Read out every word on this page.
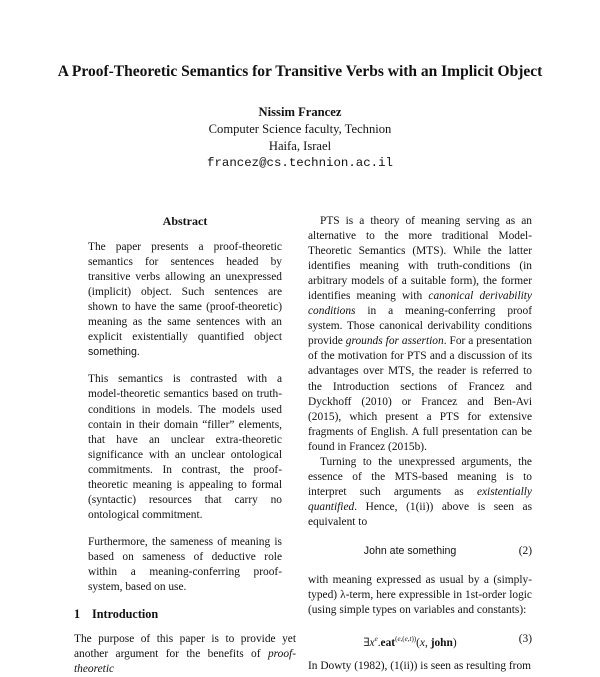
A Proof-Theoretic Semantics for Transitive Verbs with an Implicit Object
Nissim Francez
Computer Science faculty, Technion
Haifa, Israel
francez@cs.technion.ac.il
Abstract

The paper presents a proof-theoretic semantics for sentences headed by transitive verbs allowing an unexpressed (implicit) object. Such sentences are shown to have the same (proof-theoretic) meaning as the same sentences with an explicit existentially quantified object something.

This semantics is contrasted with a model-theoretic semantics based on truth-conditions in models. The models used contain in their domain “filler” elements, that have an unclear extra-theoretic significance with an unclear ontological commitments. In contrast, the proof-theoretic meaning is appealing to formal (syntactic) resources that carry no ontological commitment.

Furthermore, the sameness of meaning is based on sameness of deductive role within a meaning-conferring proof-system, based on use.

1 Introduction

The purpose of this paper is to provide yet another argument for the benefits of proof-theoretic

PTS is a theory of meaning serving as an alternative to the more traditional Model-Theoretic Semantics (MTS). While the latter identifies meaning with truth-conditions (in arbitrary models of a suitable form), the former identifies meaning with canonical derivability conditions in a meaning-conferring proof system. Those canonical derivability conditions provide grounds for assertion. For a presentation of the motivation for PTS and a discussion of its advantages over MTS, the reader is referred to the Introduction sections of Francez and Dyckhoff (2010) or Francez and Ben-Avi (2015), which present a PTS for extensive fragments of English. A full presentation can be found in Francez (2015b).

Turning to the unexpressed arguments, the essence of the MTS-based meaning is to interpret such arguments as existentially quantified. Hence, (1(ii)) above is seen as equivalent to

John ate something	(2)

with meaning expressed as usual by a (simply-typed) λ-term, here expressible in 1st-order logic (using simple types on variables and constants):

$\exists x^e.eat^{(e,(e,t))}(x$, john)	(3)

In Dowty (1982), (1(ii)) is seen as resulting from
